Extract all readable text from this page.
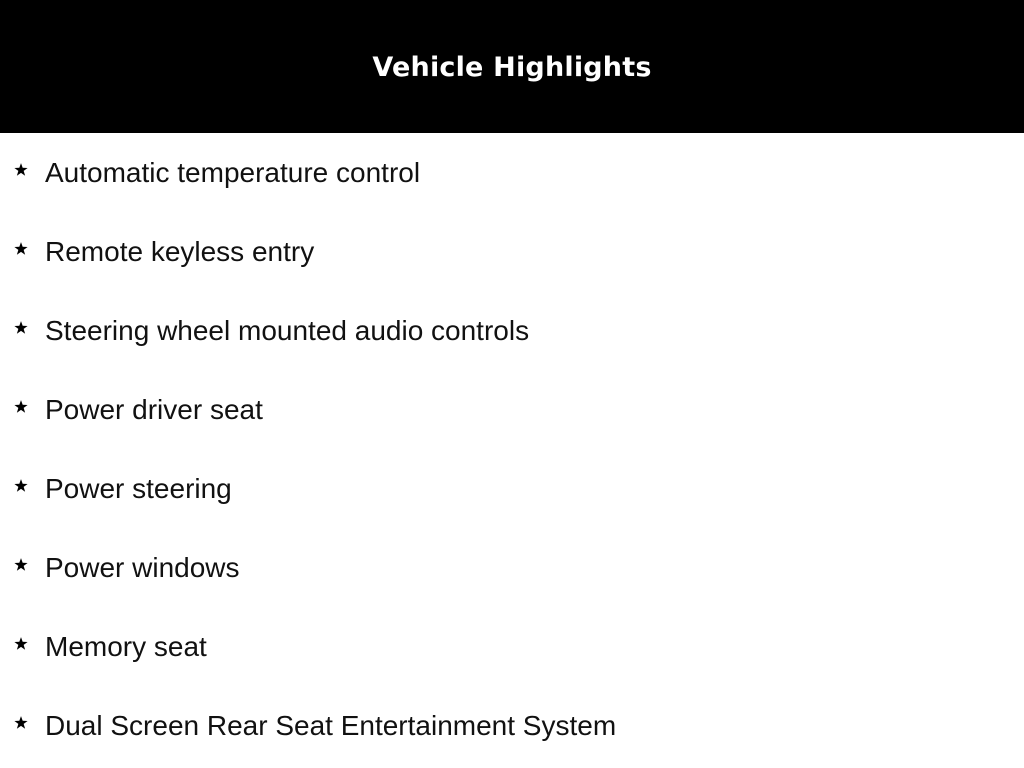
Vehicle Highlights
Automatic temperature control
Remote keyless entry
Steering wheel mounted audio controls
Power driver seat
Power steering
Power windows
Memory seat
Dual Screen Rear Seat Entertainment System
